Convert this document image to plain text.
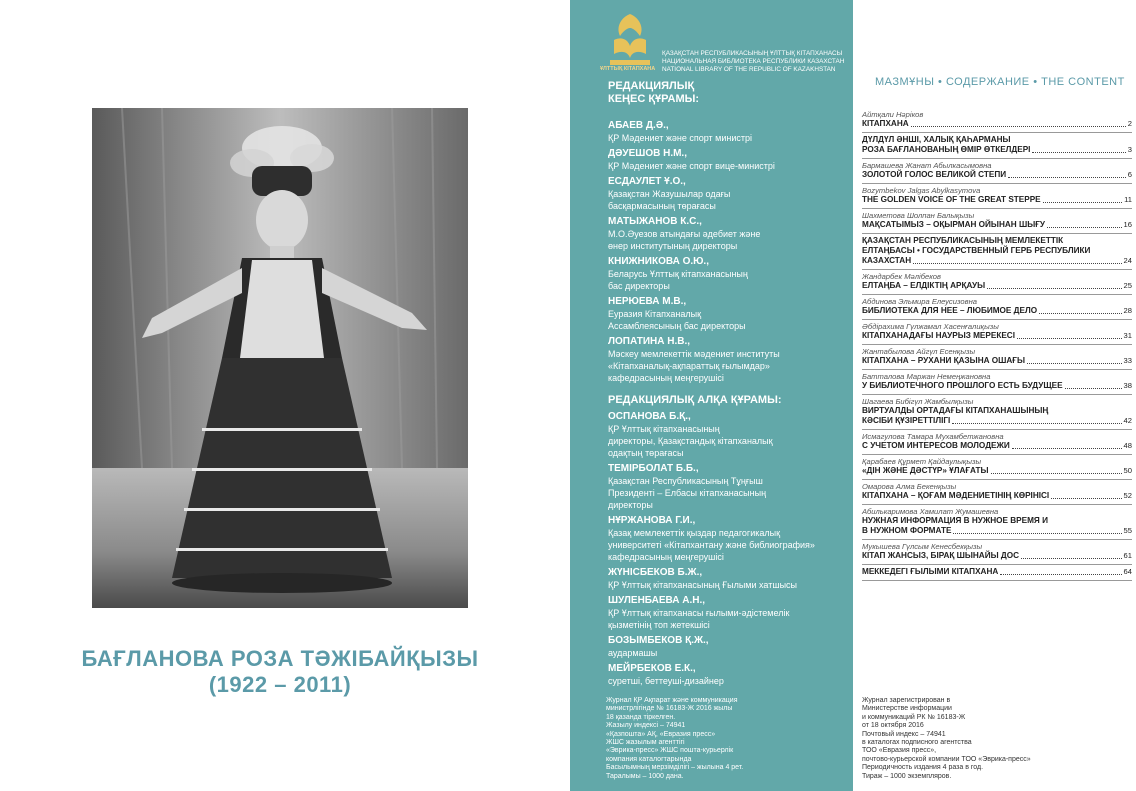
БАҒЛАНОВА РОЗА ТӘЖІБАЙҚЫЗЫ
(1922 – 2011)
ҰЛТТЫҚ КІТАПХАНА
ҚАЗАҚСТАН РЕСПУБЛИКАСЫНЫҢ ҰЛТТЫҚ КІТАПХАНАСЫ
НАЦИОНАЛЬНАЯ БИБЛИОТЕКА РЕСПУБЛИКИ КАЗАХСТАН
NATIONAL LIBRARY OF THE REPUBLIC OF KAZAKHSTAN
РЕДАКЦИЯЛЫҚ
КЕҢЕС ҚҰРАМЫ:
АБАЕВ Д.Ә.,
ҚР Мәдениет және спорт министрі
ДӘУЕШОВ Н.М.,
ҚР Мәдениет және спорт вице-министрі
ЕСДАУЛЕТ Ұ.О.,
Қазақстан Жазушылар одағы
басқармасының төрағасы
МАТЫЖАНОВ К.С.,
М.О.Әуезов атындағы әдебиет және
өнер институтының директоры
КНИЖНИКОВА О.Ю.,
Беларусь Ұлттық кітапханасының
бас директоры
НЕРЮЕВА М.В.,
Еуразия Кітапханалық
Ассамблеясының бас директоры
ЛОПАТИНА Н.В.,
Мәскеу мемлекеттік мәдениет институты
«Кітапханалық-ақпараттық ғылымдар»
кафедрасының меңгерушісі
РЕДАКЦИЯЛЫҚ АЛҚА ҚҰРАМЫ:
ОСПАНОВА Б.Қ.,
ҚР Ұлттық кітапханасының
директоры, Қазақстандық кітапханалық
одақтың төрағасы
ТЕМІРБОЛАТ Б.Б.,
Қазақстан Республикасының Тұңғыш
Президенті – Елбасы кітапханасының
директоры
НҰРЖАНОВА Г.И.,
Қазақ мемлекеттік қыздар педагогикалық
университеті «Кітапхантану және библиография»
кафедрасының меңгерушісі
ЖҮНІСБЕКОВ Б.Ж.,
ҚР Ұлттық кітапханасының Ғылыми хатшысы
ШУЛЕНБАЕВА А.Н.,
ҚР Ұлттық кітапханасы ғылыми-әдістемелік
қызметінің топ жетекшісі
БОЗЫМБЕКОВ Қ.Ж.,
аудармашы
МЕЙРБЕКОВ Е.К.,
суретші, беттеуші-дизайнер
Журнал ҚР Ақпарат және коммуникация
министрлігінде № 16183-Ж 2016 жылы
18 қазанда тіркелген.
Жазылу индексі – 74941
«Қазпошта» АҚ, «Евразия пресс»
ЖШС жазылым агенттігі
«Эврика-пресс» ЖШС пошта-курьерлік
компания каталогтарында
Басылымның мерзімділігі – жылына 4 рет.
Таралымы – 1000 дана.
МАЗМҰНЫ • СОДЕРЖАНИЕ • THE CONTENT
Айтқали Нәріков
КІТАПХАНА	2
ДҮЛДҮЛ ӘНШІ, ХАЛЫҚ ҚАҺАРМАНЫ
РОЗА БАҒЛАНОВАНЫҢ ӨМІР ӨТКЕЛДЕРІ	3
Бармашева Жанат Абылкасымовна
ЗОЛОТОЙ ГОЛОС ВЕЛИКОЙ СТЕПИ	6
Bozymbekov Jalgas Abylkasymovа
THE GOLDEN VOICE OF THE GREAT STEPPE	11
Шахметова Шолпан Балықызы
МАҚСАТЫМЫЗ – ОҚЫРМАН ОЙЫНАН ШЫҒУ	16
ҚАЗАҚСТАН РЕСПУБЛИКАСЫНЫҢ МЕМЛЕКЕТТІК
ЕЛТАҢБАСЫ • ГОСУДАРСТВЕННЫЙ ГЕРБ РЕСПУБЛИКИ
КАЗАХСТАН	24
Жандарбек Мәлібеков
ЕЛТАҢБА – ЕЛДІКТІҢ АРҚАУЫ	25
Абдинова Эльмира Елеусизовна
БИБЛИОТЕКА ДЛЯ НЕЕ – ЛЮБИМОЕ ДЕЛО	28
Әбдірахима Гүлжамал Хасенғалиқызы
КІТАПХАНАДАҒЫ НАУРЫЗ МЕРЕКЕСІ	31
Жантабылова Айгүл Есенқызы
КІТАПХАНА – РУХАНИ ҚАЗЫНА ОШАҒЫ	33
Батталова Маржан Немеңжановна
У БИБЛИОТЕЧНОГО ПРОШЛОГО ЕСТЬ БУДУЩЕЕ	38
Шагаева Бибігүл Жамбылқызы
ВИРТУАЛДЫ ОРТАДАҒЫ КІТАПХАНАШЫНЫҢ
КӘСІБИ ҚҰЗІРЕТТІЛІГІ	42
Исмагулова Тамара Мухамбетжановна
С УЧЕТОМ ИНТЕРЕСОВ МОЛОДЕЖИ	48
Қарабаев Құрмет Қайдаулықызы
«ДІН ЖӘНЕ ДӘСТҮР» ҰЛАҒАТЫ	50
Омарова Алма Бекенқызы
КІТАПХАНА – ҚОҒАМ МӘДЕНИЕТІНІҢ КӨРІНІСІ	52
Абилькаримова Хамилат Жумашевна
НУЖНАЯ ИНФОРМАЦИЯ В НУЖНОЕ ВРЕМЯ И
В НУЖНОМ ФОРМАТЕ	55
Мукышева Гүлсым Кенесбекқызы
КІТАП ЖАНСЫЗ, БІРАҚ ШЫНАЙЫ ДОС	61
МЕККЕДЕГІ ҒЫЛЫМИ КІТАПХАНА	64
Журнал зарегистрирован в
Министерстве информации
и коммуникаций РК № 16183-Ж
от 18 октября 2016
Почтовый индекс – 74941
в каталогах подписного агентства
ТОО «Евразия пресс»,
почтово-курьерской компании ТОО «Эврика-пресс»
Периодичность издания 4 раза в год.
Тираж – 1000 экземпляров.
